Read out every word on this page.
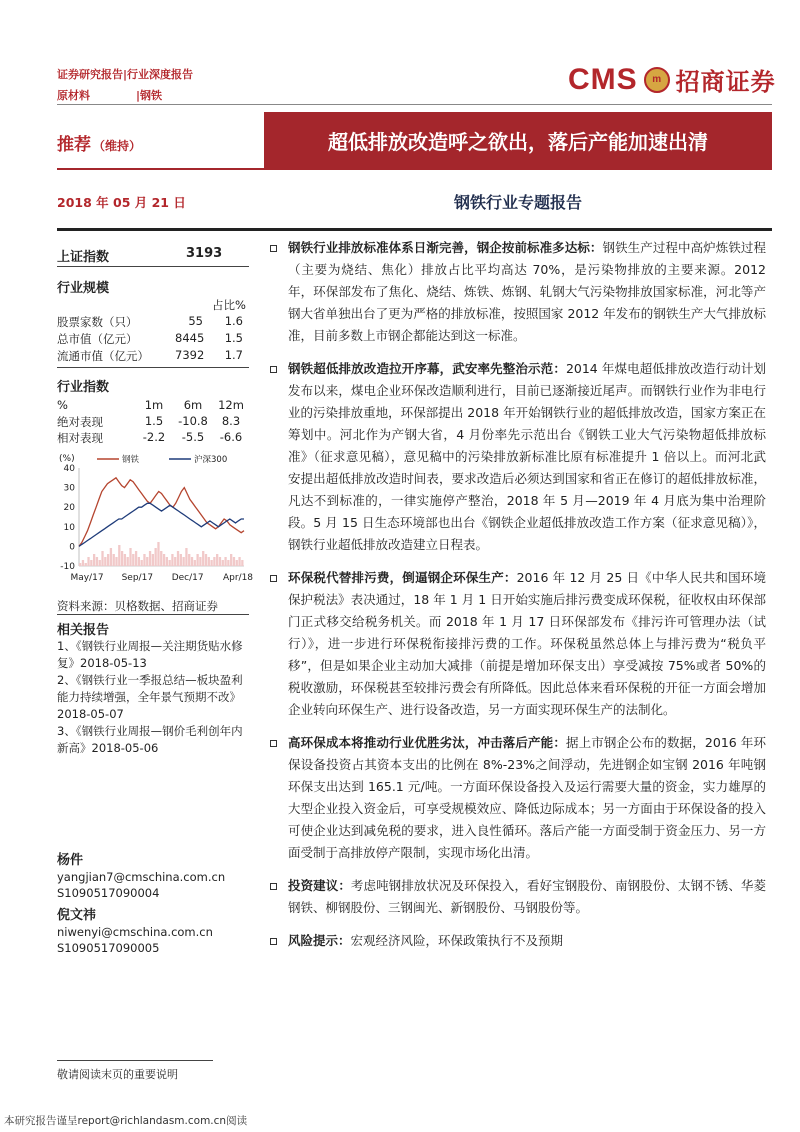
证券研究报告|行业深度报告
原材料	|钢铁	CMS m 招商证券
推荐 （维持）	超低排放改造呼之欲出，落后产能加速出清
2018 年 05 月 21 日	钢铁行业专题报告
上证指数	3193
行业规模
占比%
股票家数（只）	55	1.6
总市值（亿元）	8445	1.5
流通市值（亿元）	7392	1.7
行业指数
%	1m	6m	12m
绝对表现	1.5	-10.8	8.3
相对表现	-2.2	-5.5	-6.6
(%)	钢铁	沪深300
40
30
20
10
0
-10
May/17 Sep/17 Dec/17 Apr/18
资料来源：贝格数据、招商证券
相关报告
1、《钢铁行业周报—关注期货贴水修
复》2018-05-13
2、《钢铁行业一季报总结—板块盈利
能力持续增强，全年景气预期不改》
2018-05-07
3、《钢铁行业周报—钢价毛利创年内
新高》2018-05-06
杨件
yangjian7@cmschina.com.cn
S1090517090004
倪文祎
niwenyi@cmschina.com.cn
S1090517090005
钢铁行业排放标准体系日渐完善，钢企按前标准多达标：钢铁生产过程中高炉炼铁过程（主要为烧结、焦化）排放占比平均高达 70%，是污染物排放的主要来源。2012 年，环保部发布了焦化、烧结、炼铁、炼钢、轧钢大气污染物排放国家标准，河北等产钢大省单独出台了更为严格的排放标准，按照国家 2012 年发布的钢铁生产大气排放标准，目前多数上市钢企都能达到这一标准。
钢铁超低排放改造拉开序幕，武安率先整治示范：2014 年煤电超低排放改造行动计划发布以来，煤电企业环保改造顺利进行，目前已逐渐接近尾声。而钢铁行业作为非电行业的污染排放重地，环保部提出 2018 年开始钢铁行业的超低排放改造，国家方案正在筹划中。河北作为产钢大省，4 月份率先示范出台《钢铁工业大气污染物超低排放标准》（征求意见稿），意见稿中的污染排放新标准比原有标准提升 1 倍以上。而河北武安提出超低排放改造时间表，要求改造后必须达到国家和省正在修订的超低排放标准，凡达不到标准的，一律实施停产整治，2018 年 5 月—2019 年 4 月底为集中治理阶段。5 月 15 日生态环境部也出台《钢铁企业超低排放改造工作方案（征求意见稿）》，钢铁行业超低排放改造建立日程表。
环保税代替排污费，倒逼钢企环保生产：2016 年 12 月 25 日《中华人民共和国环境保护税法》表决通过，18 年 1 月 1 日开始实施后排污费变成环保税，征收权由环保部门正式移交给税务机关。而 2018 年 1 月 17 日环保部发布《排污许可管理办法（试行）》，进一步进行环保税衔接排污费的工作。环保税虽然总体上与排污费为“税负平移”，但是如果企业主动加大减排（前提是增加环保支出）享受减按 75%或者 50%的税收激励，环保税甚至较排污费会有所降低。因此总体来看环保税的开征一方面会增加企业转向环保生产、进行设备改造，另一方面实现环保生产的法制化。
高环保成本将推动行业优胜劣汰，冲击落后产能：据上市钢企公布的数据，2016 年环保设备投资占其资本支出的比例在 8%-23%之间浮动，先进钢企如宝钢 2016 年吨钢环保支出达到 165.1 元/吨。一方面环保设备投入及运行需要大量的资金，实力雄厚的大型企业投入资金后，可享受规模效应、降低边际成本；另一方面由于环保设备的投入可使企业达到减免税的要求，进入良性循环。落后产能一方面受制于资金压力、另一方面受制于高排放停产限制，实现市场化出清。
投资建议：考虑吨钢排放状况及环保投入，看好宝钢股份、南钢股份、太钢不锈、华菱钢铁、柳钢股份、三钢闽光、新钢股份、马钢股份等。
风险提示：宏观经济风险，环保政策执行不及预期
敬请阅读末页的重要说明
本研究报告谨呈report@richlandasm.com.cn阅读
